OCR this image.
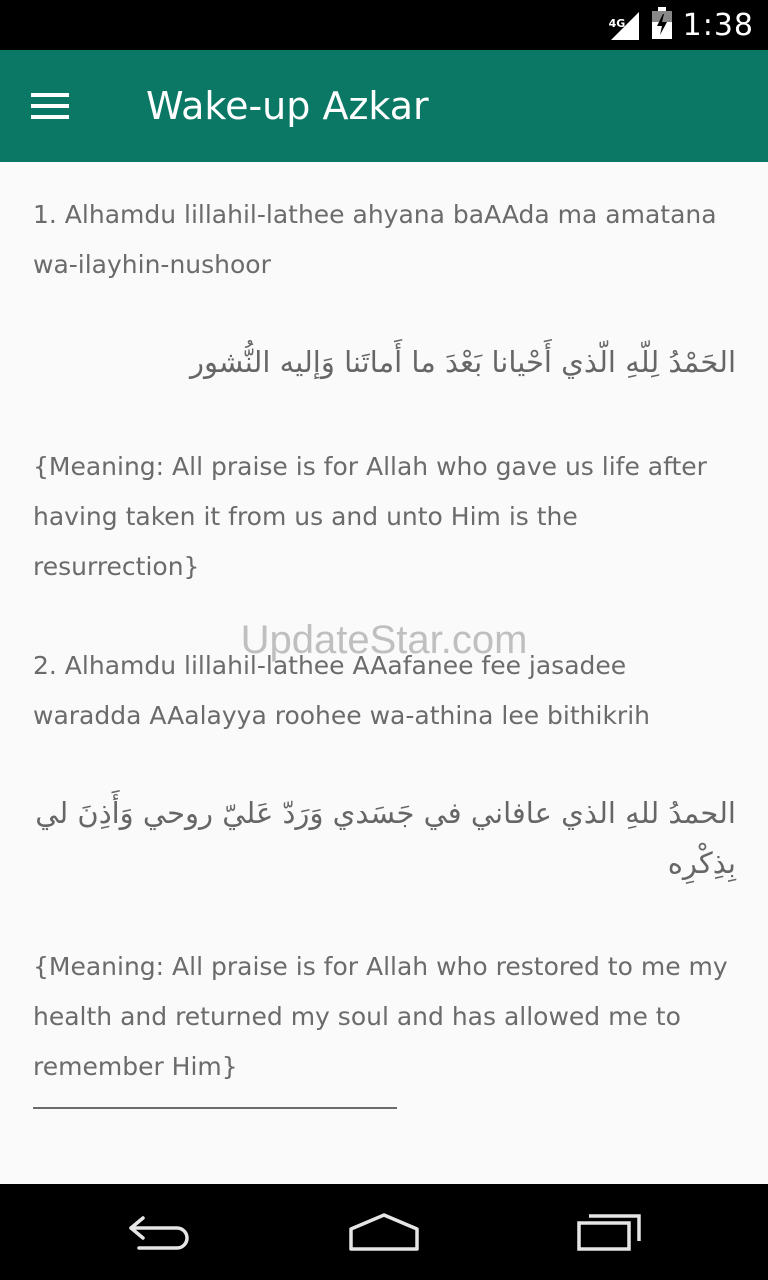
4G 1:38
Wake-up Azkar
1. Alhamdu lillahil-lathee ahyana baAAda ma amatana wa-ilayhin-nushoor
الحَمْدُ لِلّهِ الّذي أَحْيانا بَعْدَ ما أَماتَنا وَإليه النُّشور
{Meaning: All praise is for Allah who gave us life after having taken it from us and unto Him is the resurrection}
2. Alhamdu lillahil-lathee AAafanee fee jasadee waradda AAalayya roohee wa-athina lee bithikrih
الحمدُ للهِ الذي عافاني في جَسَدي وَرَدّ عَليّ روحي وَأَذِنَ لي بِذِكْرِه
{Meaning: All praise is for Allah who restored to me my health and returned my soul and has allowed me to remember Him}
UpdateStar.com
